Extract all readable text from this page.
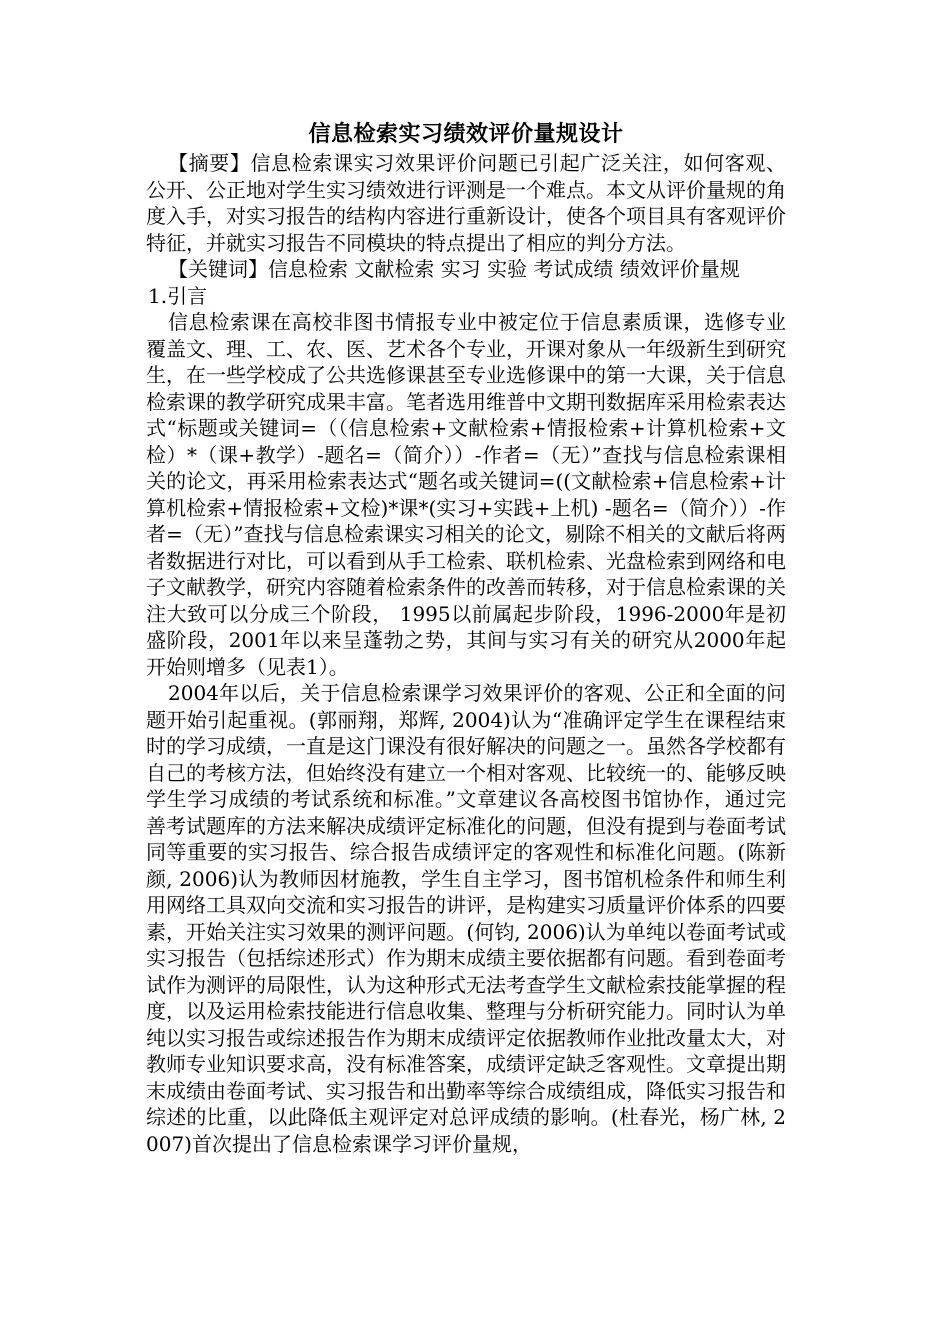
信息检索实习绩效评价量规设计

【摘要】信息检索课实习效果评价问题已引起广泛关注，如何客观、公开、公正地对学生实习绩效进行评测是一个难点。本文从评价量规的角度入手，对实习报告的结构内容进行重新设计，使各个项目具有客观评价特征，并就实习报告不同模块的特点提出了相应的判分方法。

【关键词】信息检索 文献检索 实习 实验 考试成绩 绩效评价量规

1.引言

信息检索课在高校非图书情报专业中被定位于信息素质课，选修专业覆盖文、理、工、农、医、艺术各个专业，开课对象从一年级新生到研究生，在一些学校成了公共选修课甚至专业选修课中的第一大课，关于信息检索课的教学研究成果丰富。笔者选用维普中文期刊数据库采用检索表达式“标题或关键词=（（信息检索+文献检索+情报检索+计算机检索+文检）*（课+教学）-题名=（简介））-作者=（无）”查找与信息检索课相关的论文，再采用检索表达式“题名或关键词=((文献检索+信息检索+计算机检索+情报检索+文检)*课*(实习+实践+上机) -题名=（简介））-作者=（无）”查找与信息检索课实习相关的论文，剔除不相关的文献后将两者数据进行对比，可以看到从手工检索、联机检索、光盘检索到网络和电子文献教学，研究内容随着检索条件的改善而转移，对于信息检索课的关注大致可以分成三个阶段， 1995以前属起步阶段，1996-2000年是初盛阶段，2001年以来呈蓬勃之势，其间与实习有关的研究从2000年起开始则增多（见表1）。

2004年以后，关于信息检索课学习效果评价的客观、公正和全面的问题开始引起重视。(郭丽翔，郑辉, 2004)认为“准确评定学生在课程结束时的学习成绩，一直是这门课没有很好解决的问题之一。虽然各学校都有自己的考核方法，但始终没有建立一个相对客观、比较统一的、能够反映学生学习成绩的考试系统和标准。”文章建议各高校图书馆协作，通过完善考试题库的方法来解决成绩评定标准化的问题，但没有提到与卷面考试同等重要的实习报告、综合报告成绩评定的客观性和标准化问题。(陈新颜, 2006)认为教师因材施教，学生自主学习，图书馆机检条件和师生利用网络工具双向交流和实习报告的讲评，是构建实习质量评价体系的四要素，开始关注实习效果的测评问题。(何钧, 2006)认为单纯以卷面考试或实习报告（包括综述形式）作为期末成绩主要依据都有问题。看到卷面考试作为测评的局限性，认为这种形式无法考查学生文献检索技能掌握的程度，以及运用检索技能进行信息收集、整理与分析研究能力。同时认为单纯以实习报告或综述报告作为期末成绩评定依据教师作业批改量太大，对教师专业知识要求高，没有标准答案，成绩评定缺乏客观性。文章提出期末成绩由卷面考试、实习报告和出勤率等综合成绩组成，降低实习报告和综述的比重，以此降低主观评定对总评成绩的影响。(杜春光，杨广林, 2007)首次提出了信息检索课学习评价量规，
